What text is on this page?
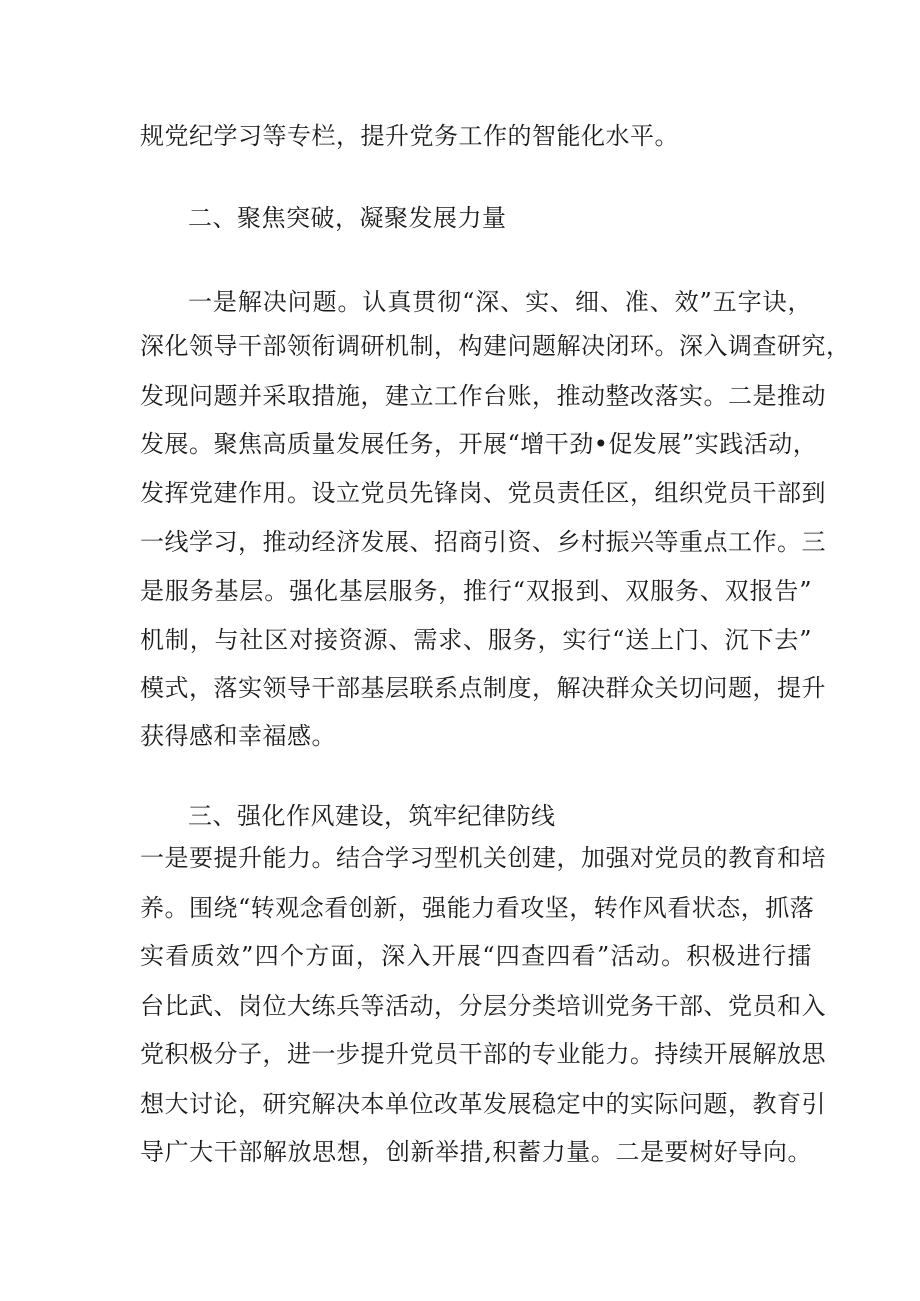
规党纪学习等专栏，提升党务工作的智能化水平。
二、聚焦突破，凝聚发展力量
一是解决问题。认真贯彻“深、实、细、准、效”五字诀，
深化领导干部领衔调研机制，构建问题解决闭环。深入调查研究，
发现问题并采取措施，建立工作台账，推动整改落实。二是推动
发展。聚焦高质量发展任务，开展“增干劲•促发展”实践活动，
发挥党建作用。设立党员先锋岗、党员责任区，组织党员干部到
一线学习，推动经济发展、招商引资、乡村振兴等重点工作。三
是服务基层。强化基层服务，推行“双报到、双服务、双报告”
机制，与社区对接资源、需求、服务，实行“送上门、沉下去”
模式，落实领导干部基层联系点制度，解决群众关切问题，提升
获得感和幸福感。
三、强化作风建设，筑牢纪律防线
一是要提升能力。结合学习型机关创建，加强对党员的教育和培
养。围绕“转观念看创新，强能力看攻坚，转作风看状态，抓落
实看质效”四个方面，深入开展“四查四看”活动。积极进行擂
台比武、岗位大练兵等活动，分层分类培训党务干部、党员和入
党积极分子，进一步提升党员干部的专业能力。持续开展解放思
想大讨论，研究解决本单位改革发展稳定中的实际问题，教育引
导广大干部解放思想，创新举措,积蓄力量。二是要树好导向。
